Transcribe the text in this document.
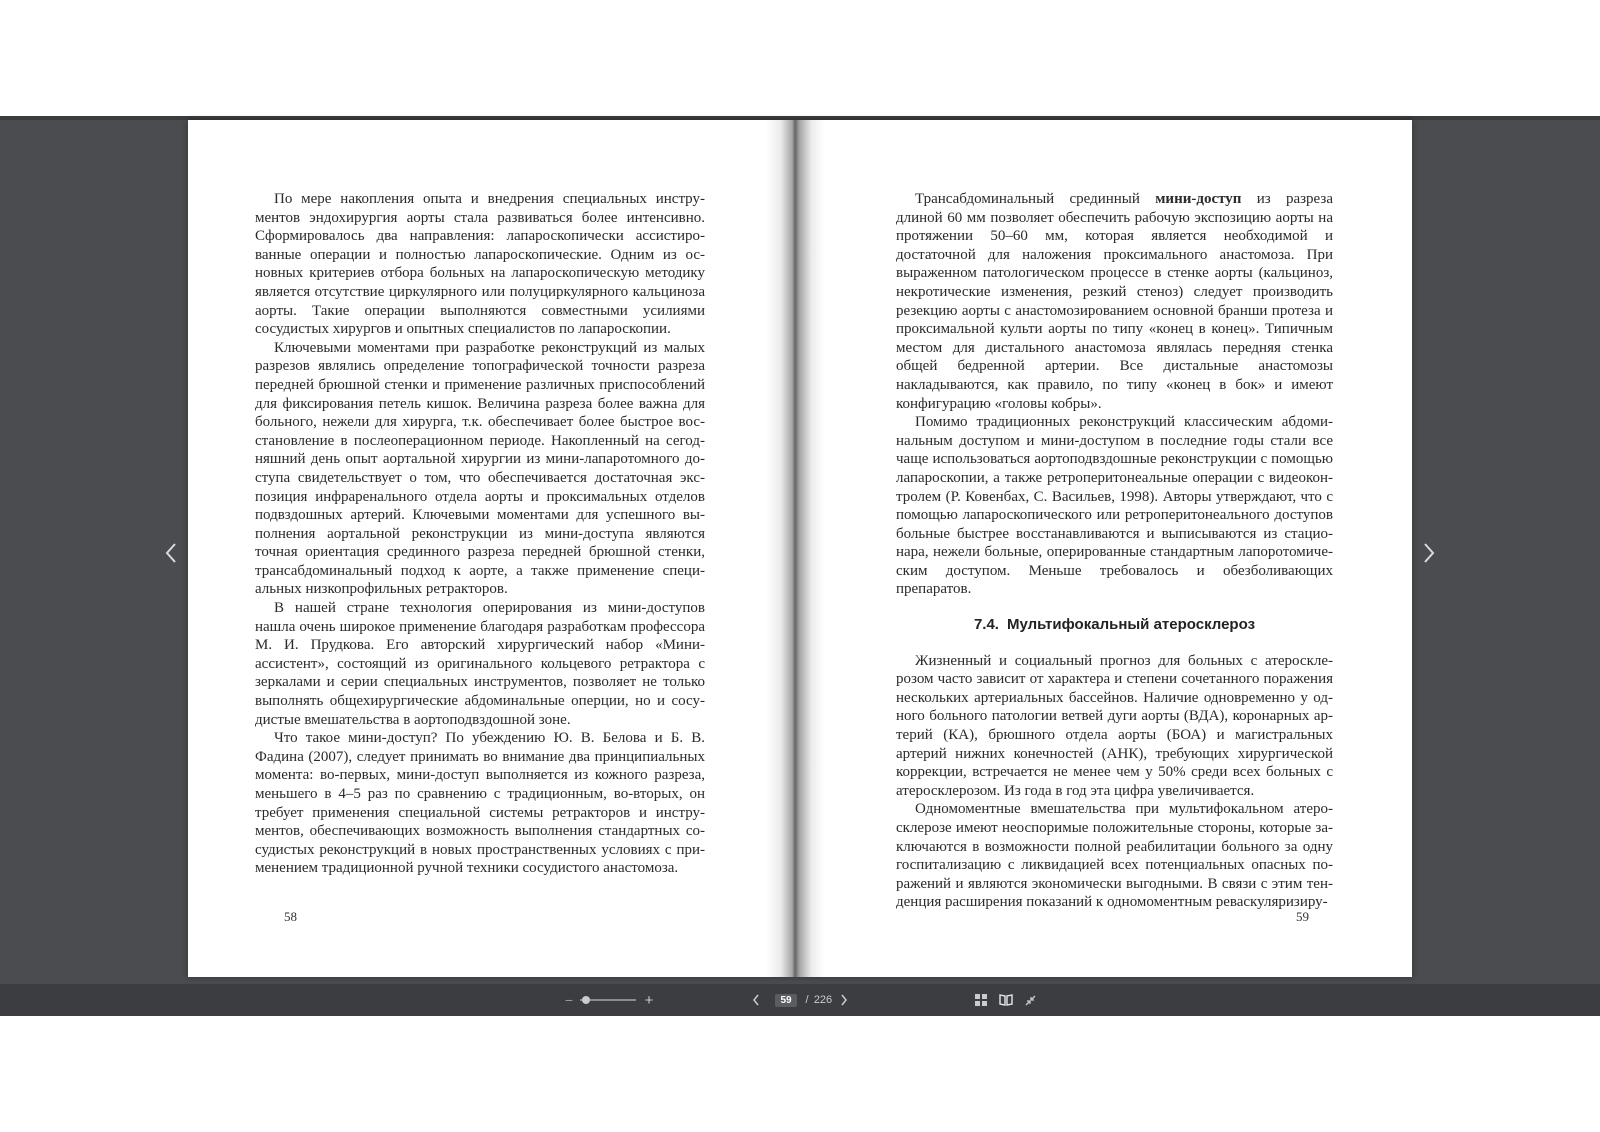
По мере накопления опыта и внедрения специальных инструментов эндохирургия аорты стала развиваться более интенсивно. Сформировалось два направления: лапароскопически ассистированные операции и полностью лапароскопические. Одним из основных критериев отбора больных на лапароскопическую методику является отсутствие циркулярного или полуциркулярного кальциноза аорты. Такие операции выполняются совместными усилиями сосудистых хирургов и опытных специалистов по лапароскопии.

Ключевыми моментами при разработке реконструкций из малых разрезов являлись определение топографической точности разреза передней брюшной стенки и применение различных приспособлений для фиксирования петель кишок. Величина разреза более важна для больного, нежели для хирурга, т.к. обеспечивает более быстрое восстановление в послеоперационном периоде. Накопленный на сегодняшний день опыт аортальной хирургии из мини-лапаротомного доступа свидетельствует о том, что обеспечивается достаточная экспозиция инфраренального отдела аорты и проксимальных отделов подвздошных артерий. Ключевыми моментами для успешного выполнения аортальной реконструкции из мини-доступа являются точная ориентация срединного разреза передней брюшной стенки, трансабдоминальный подход к аорте, а также применение специальных низкопрофильных ретракторов.

В нашей стране технология оперирования из мини-доступов нашла очень широкое применение благодаря разработкам профессора М. И. Прудкова. Его авторский хирургический набор «Миниассистент», состоящий из оригинального кольцевого ретрактора с зеркалами и серии специальных инструментов, позволяет не только выполнять общехирургические абдоминальные оперции, но и сосудистые вмешательства в аортоподвздошной зоне.

Что такое мини-доступ? По убеждению Ю. В. Белова и Б. В. Фадина (2007), следует принимать во внимание два принципиальных момента: во-первых, мини-доступ выполняется из кожного разреза, меньшего в 4–5 раз по сравнению с традиционным, во-вторых, он требует применения специальной системы ретракторов и инструментов, обеспечивающих возможность выполнения стандартных сосудистых реконструкций в новых пространственных условиях с применением традиционной ручной техники сосудистого анастомоза.

58

Трансабдоминальный срединный мини-доступ из разреза длиной 60 мм позволяет обеспечить рабочую экспозицию аорты на протяжении 50–60 мм, которая является необходимой и достаточной для наложения проксимального анастомоза. При выраженном патологическом процессе в стенке аорты (кальциноз, некротические изменения, резкий стеноз) следует производить резекцию аорты с анастомозированием основной бранши протеза и проксимальной культи аорты по типу «конец в конец». Типичным местом для дистального анастомоза являлась передняя стенка общей бедренной артерии. Все дистальные анастомозы накладываются, как правило, по типу «конец в бок» и имеют конфигурацию «головы кобры».

Помимо традиционных реконструкций классическим абдоминальным доступом и мини-доступом в последние годы стали все чаще использоваться аортоподвздошные реконструкции с помощью лапароскопии, а также ретроперитонеальные операции с видеоконтролем (Р. Ковенбах, С. Васильев, 1998). Авторы утверждают, что с помощью лапароскопического или ретроперитонеального доступов больные быстрее восстанавливаются и выписываются из стационара, нежели больные, оперированные стандартным лапоротомическим доступом. Меньше требовалось и обезболивающих препаратов.

7.4. Мультифокальный атеросклероз

Жизненный и социальный прогноз для больных с атеросклерозом часто зависит от характера и степени сочетанного поражения нескольких артериальных бассейнов. Наличие одновременно у одного больного патологии ветвей дуги аорты (ВДА), коронарных артерий (КА), брюшного отдела аорты (БОА) и магистральных артерий нижних конечностей (АНК), требующих хирургической коррекции, встречается не менее чем у 50% среди всех больных с атеросклерозом. Из года в год эта цифра увеличивается.

Одномоментные вмешательства при мультифокальном атеросклерозе имеют неоспоримые положительные стороны, которые заключаются в возможности полной реабилитации больного за одну госпитализацию с ликвидацией всех потенциальных опасных поражений и являются экономически выгодными. В связи с этим тенденция расширения показаний к одномоментным реваскуляризиру-

59
−	+	59	/ 226
